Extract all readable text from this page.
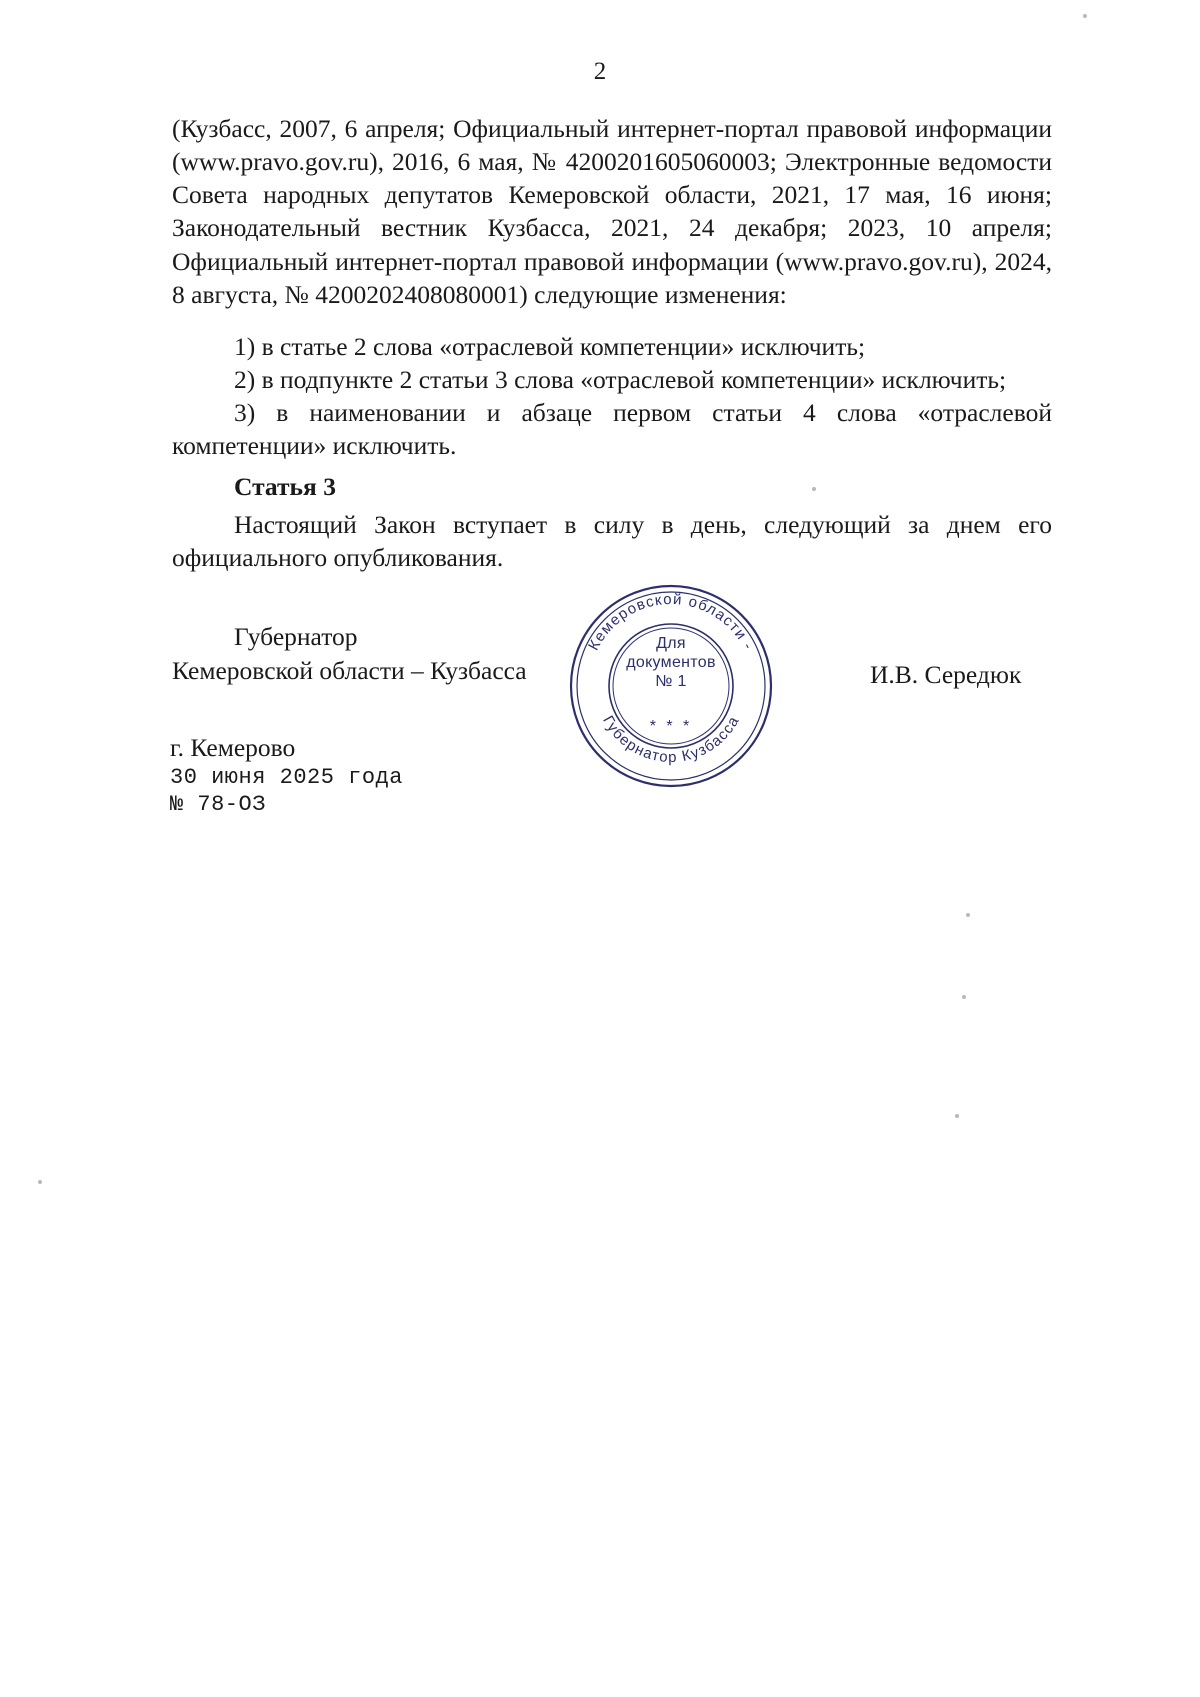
2

(Кузбасс, 2007, 6 апреля; Официальный интернет-портал правовой информации (www.pravo.gov.ru), 2016, 6 мая, № 4200201605060003; Электронные ведомости Совета народных депутатов Кемеровской области, 2021, 17 мая, 16 июня; Законодательный вестник Кузбасса, 2021, 24 декабря; 2023, 10 апреля; Официальный интернет-портал правовой информации (www.pravo.gov.ru), 2024, 8 августа, № 4200202408080001) следующие изменения:

1) в статье 2 слова «отраслевой компетенции» исключить;

2) в подпункте 2 статьи 3 слова «отраслевой компетенции» исключить;

3) в наименовании и абзаце первом статьи 4 слова «отраслевой компетенции» исключить.

Статья 3

Настоящий Закон вступает в силу в день, следующий за днем его официального опубликования.

Губернатор

Кемеровской области – Кузбасса	И.В. Середюк

г. Кемерово

30 июня 2025 года

№ 78-ОЗ

Кемеровской области -
Губернатор Кузбасса
Для
документов
№ 1
* * *
